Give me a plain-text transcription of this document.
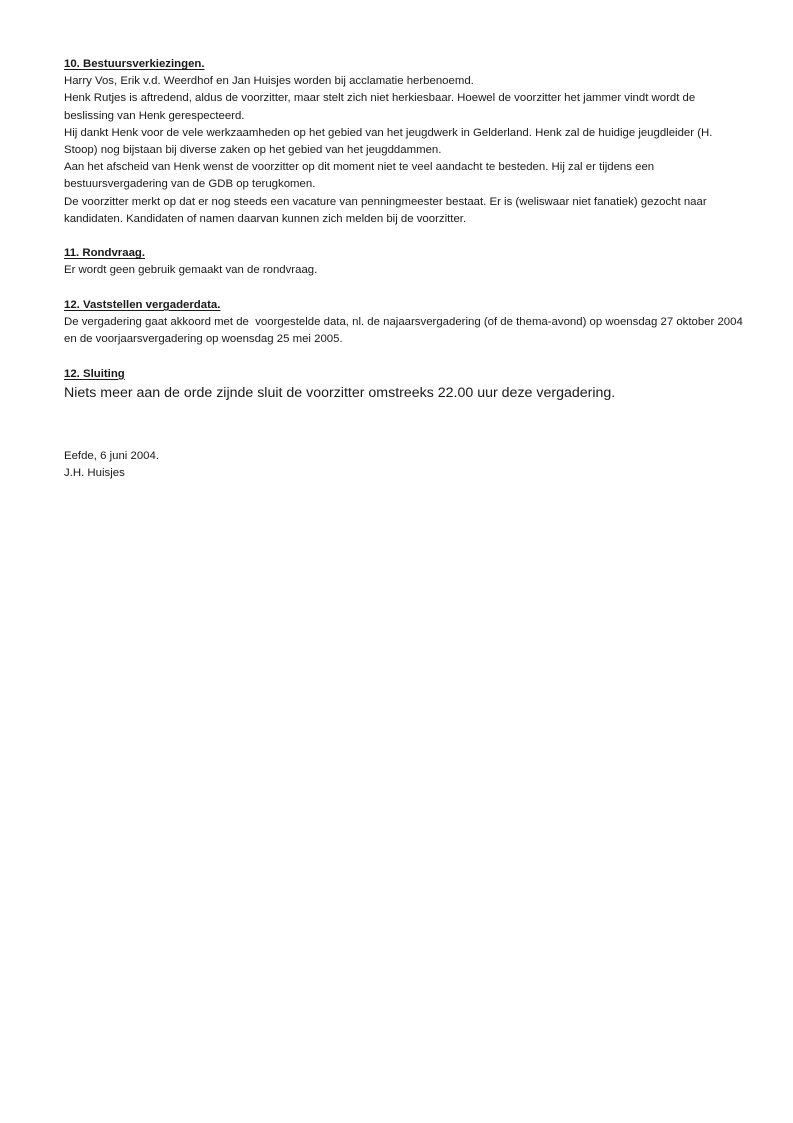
10. Bestuursverkiezingen.

Harry Vos, Erik v.d. Weerdhof en Jan Huisjes worden bij acclamatie herbenoemd.

Henk Rutjes is aftredend, aldus de voorzitter, maar stelt zich niet herkiesbaar. Hoewel de voorzitter het jammer vindt wordt de beslissing van Henk gerespecteerd.

Hij dankt Henk voor de vele werkzaamheden op het gebied van het jeugdwerk in Gelderland. Henk zal de huidige jeugdleider (H. Stoop) nog bijstaan bij diverse zaken op het gebied van het jeugddammen.

Aan het afscheid van Henk wenst de voorzitter op dit moment niet te veel aandacht te besteden. Hij zal er tijdens een bestuursvergadering van de GDB op terugkomen.

De voorzitter merkt op dat er nog steeds een vacature van penningmeester bestaat. Er is (weliswaar niet fanatiek) gezocht naar kandidaten. Kandidaten of namen daarvan kunnen zich melden bij de voorzitter.

11. Rondvraag.

Er wordt geen gebruik gemaakt van de rondvraag.

12. Vaststellen vergaderdata.

De vergadering gaat akkoord met de  voorgestelde data, nl. de najaarsvergadering (of de thema-avond) op woensdag 27 oktober 2004 en de voorjaarsvergadering op woensdag 25 mei 2005.

12. Sluiting

Niets meer aan de orde zijnde sluit de voorzitter omstreeks 22.00 uur deze vergadering.

Eefde, 6 juni 2004.

J.H. Huisjes
